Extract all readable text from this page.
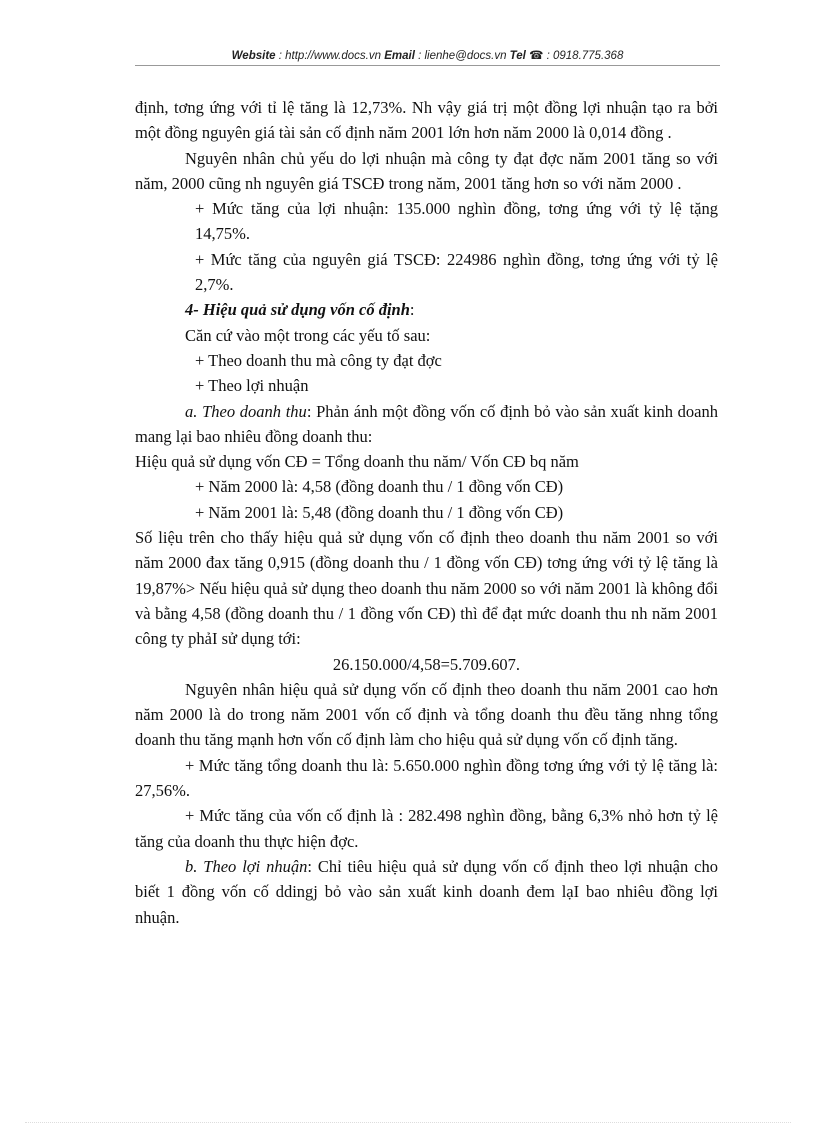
Website : http://www.docs.vn Email : lienhe@docs.vn Tel ☎ : 0918.775.368

định, tơng ứng với tỉ lệ tăng là 12,73%. Nh vậy giá trị một đồng lợi nhuận tạo ra bởi một đồng nguyên giá tài sản cố định năm 2001 lớn hơn năm 2000 là 0,014 đồng .

Nguyên nhân chủ yếu do lợi nhuận mà công ty đạt đợc năm 2001 tăng so với năm, 2000 cũng nh nguyên giá TSCĐ trong năm, 2001 tăng hơn so với năm 2000 .

+ Mức tăng của lợi nhuận: 135.000 nghìn đồng, tơng ứng với tỷ lệ tặng 14,75%.

+ Mức tăng của nguyên giá TSCĐ: 224986 nghìn đồng, tơng ứng với tỷ lệ 2,7%.

4- Hiệu quả sử dụng vốn cố định:

Căn cứ vào một trong các yếu tố sau:

+ Theo doanh thu mà công ty đạt đợc

+ Theo lợi nhuận

a. Theo doanh thu: Phản ánh một đồng vốn cố định bỏ vào sản xuất kinh doanh mang lại bao nhiêu đồng doanh thu:

Hiệu quả sử dụng vốn CĐ = Tổng doanh thu năm/ Vốn CĐ bq năm

+ Năm 2000 là: 4,58 (đồng doanh thu / 1 đồng vốn CĐ)

+ Năm 2001 là: 5,48 (đồng doanh thu / 1 đồng vốn CĐ)

Số liệu trên cho thấy hiệu quả sử dụng vốn cố định theo doanh thu năm 2001 so với năm 2000 đax tăng 0,915 (đồng doanh thu / 1 đồng vốn CĐ) tơng ứng với tỷ lệ tăng là 19,87%> Nếu hiệu quả sử dụng theo doanh thu năm 2000 so với năm 2001 là không đổi và bằng 4,58 (đồng doanh thu / 1 đồng vốn CĐ) thì để đạt mức doanh thu nh năm 2001 công ty phảI sử dụng tới:

26.150.000/4,58=5.709.607.

Nguyên nhân hiệu quả sử dụng vốn cố định theo doanh thu năm 2001 cao hơn năm 2000 là do trong năm 2001 vốn cố định và tổng doanh thu đều tăng nhng tổng doanh thu tăng mạnh hơn vốn cố định làm cho hiệu quả sử dụng vốn cố định tăng.

+ Mức tăng tổng doanh thu là: 5.650.000 nghìn đồng tơng ứng với tỷ lệ tăng là: 27,56%.

+ Mức tăng của vốn cố định là : 282.498 nghìn đồng, bằng 6,3% nhỏ hơn tỷ lệ tăng của doanh thu thực hiện đợc.

b. Theo lợi nhuận: Chỉ tiêu hiệu quả sử dụng vốn cố định theo lợi nhuận cho biết 1 đồng vốn cố ddingj bỏ vào sản xuất kinh doanh đem lạI bao nhiêu đồng lợi nhuận.
